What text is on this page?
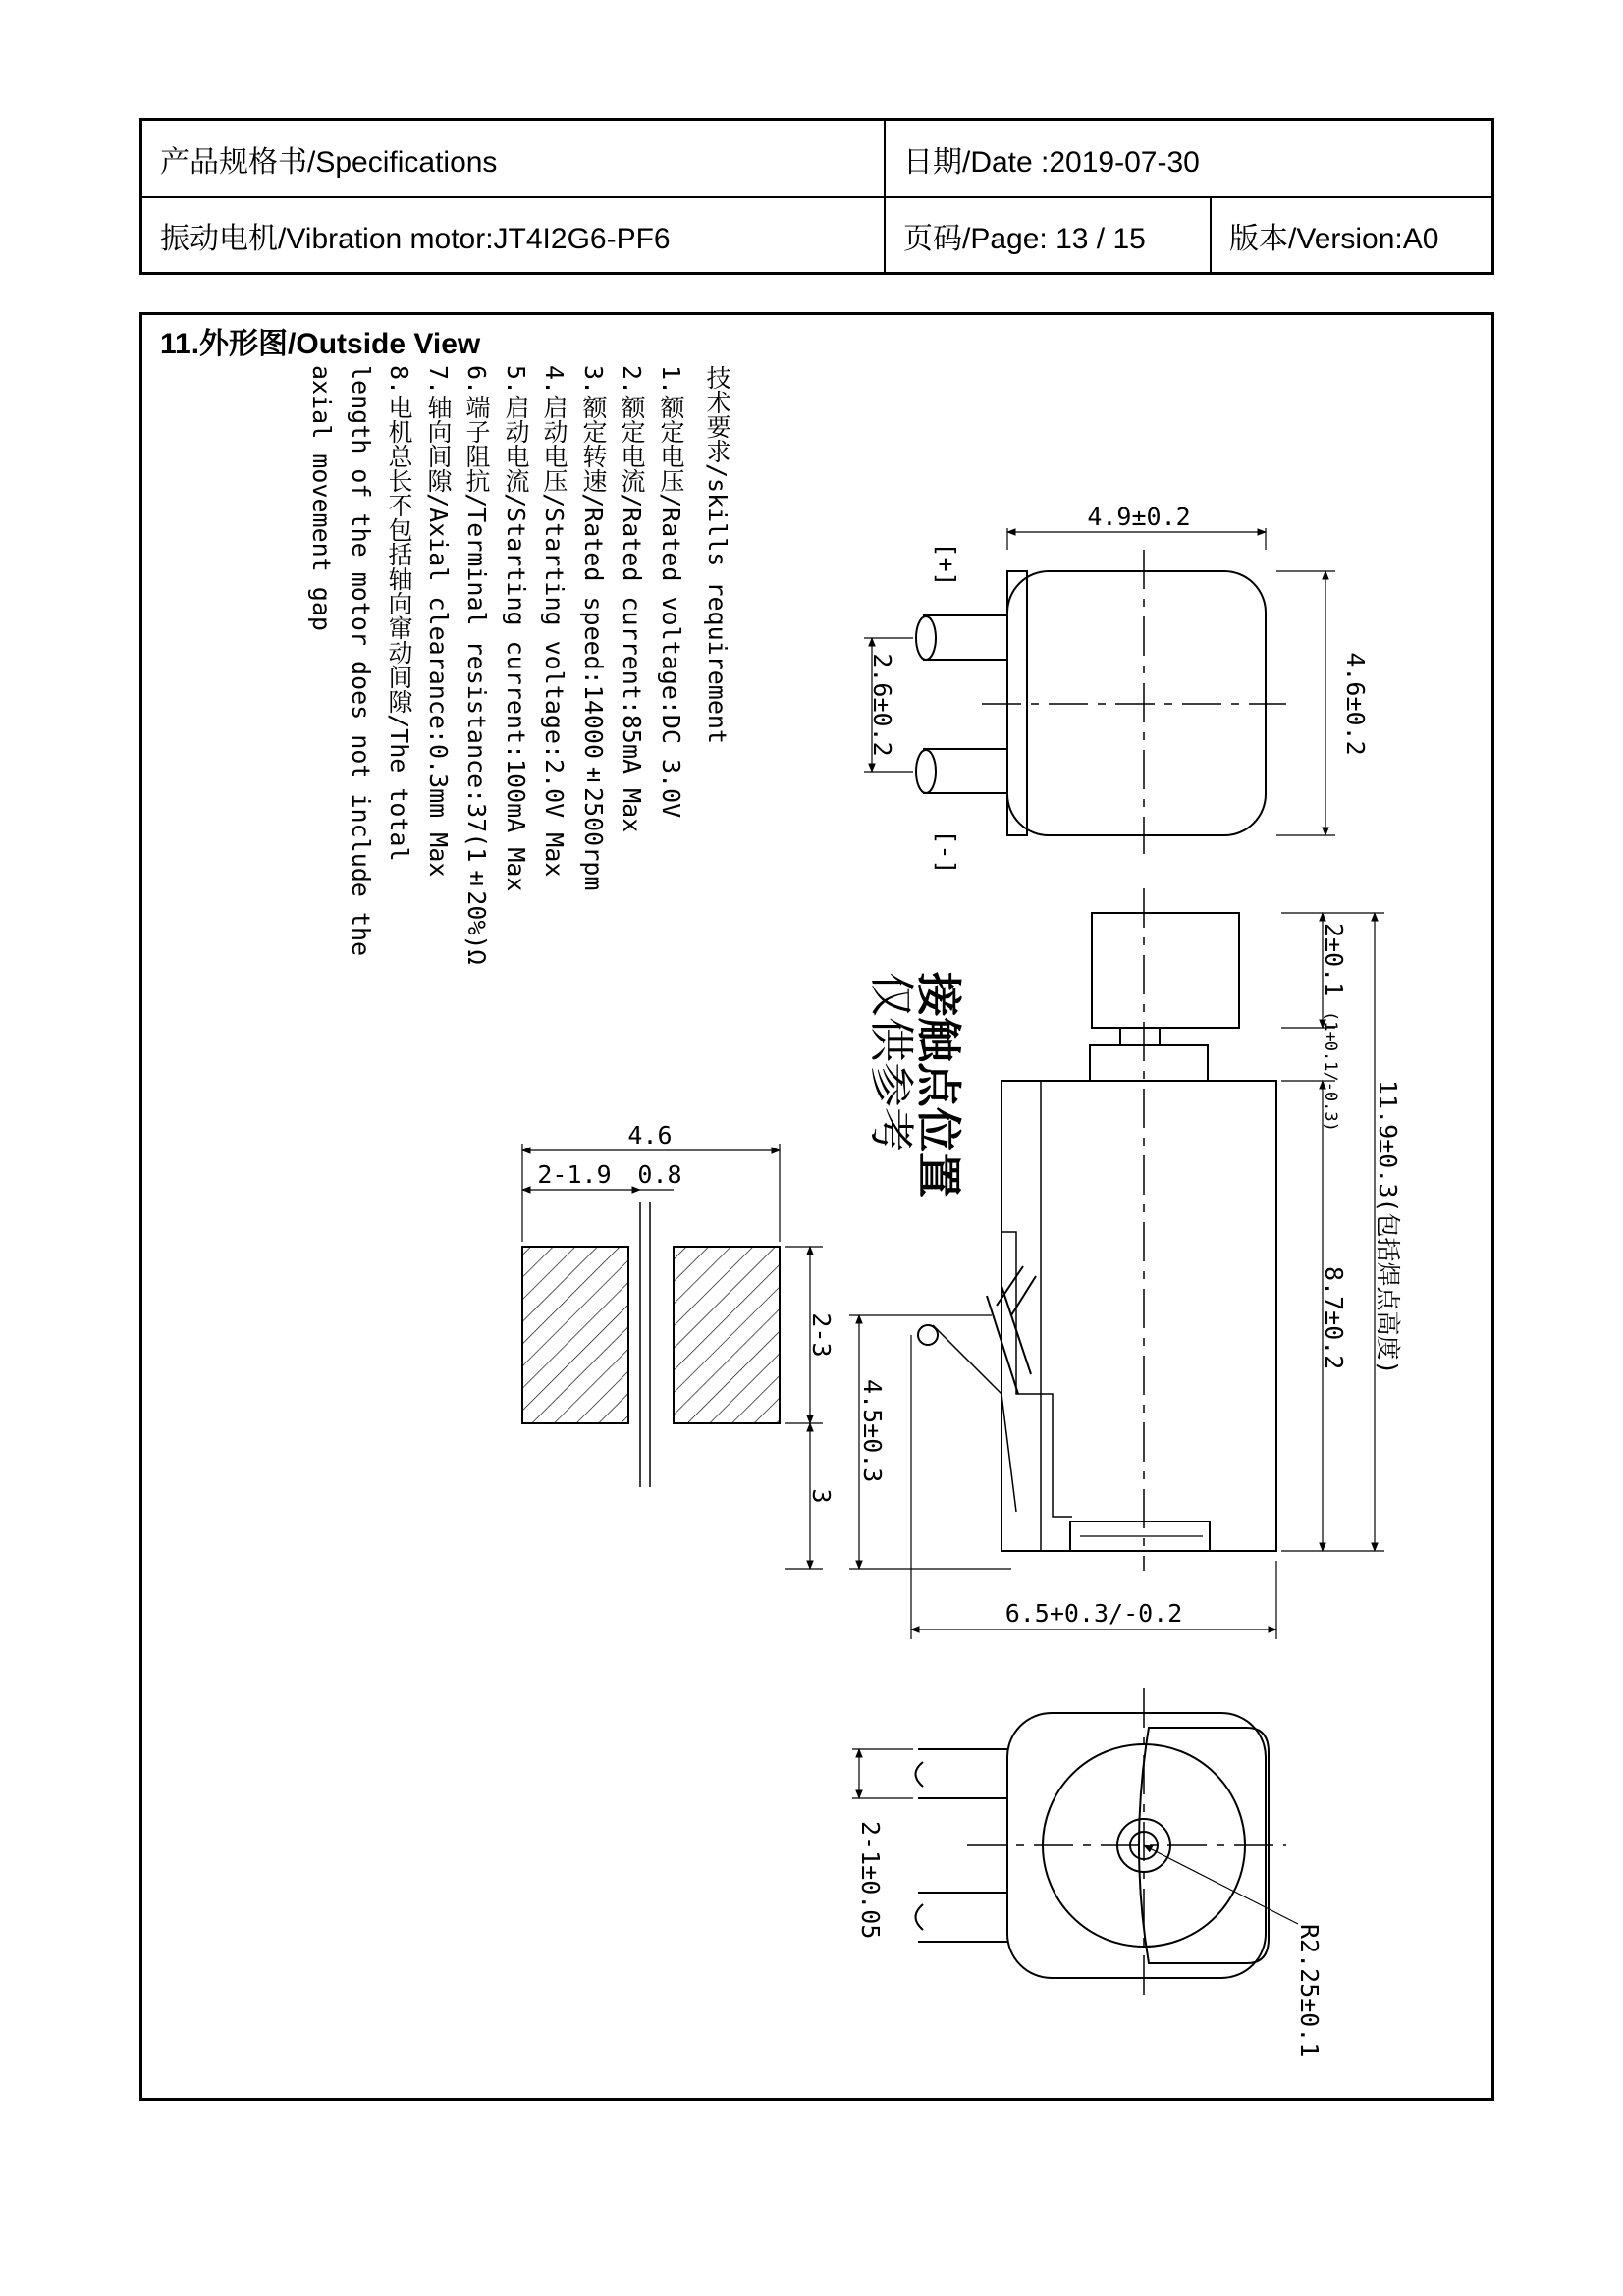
产品规格书/Specifications	日期/Date :2019-07-30
振动电机/Vibration motor:JT4I2G6-PF6	页码/Page: 13 / 15	版本/Version:A0
11.外形图/Outside View
技术要求/skills requirement
1.额定电压/Rated voltage:DC 3.0V
2.额定电流/Rated current:85mA Max
3.额定转速/Rated speed:14000±2500rpm
4.启动电压/Starting voltage:2.0V Max
5.启动电流/Starting current:100mA Max
6.端子阻抗/Terminal resistance:37(1±20%)Ω
7.轴向间隙/Axial clearance:0.3mm Max
8.电机总长不包括轴向窜动间隙/The total
length of the motor does not include the
axial movement gap	4.9±0.2
4.6±0.2
2.6±0.2
[+]
[-]
接触点位置
仅供参考
2±0.1
(1+0.1/-0.3)
11.9±0.3(包括焊点高度)
8.7±0.2
4.5±0.3
6.5+0.3/-0.2
4.6
2-1.9 0.8
2-3
3
2-1±0.05
R2.25±0.1
